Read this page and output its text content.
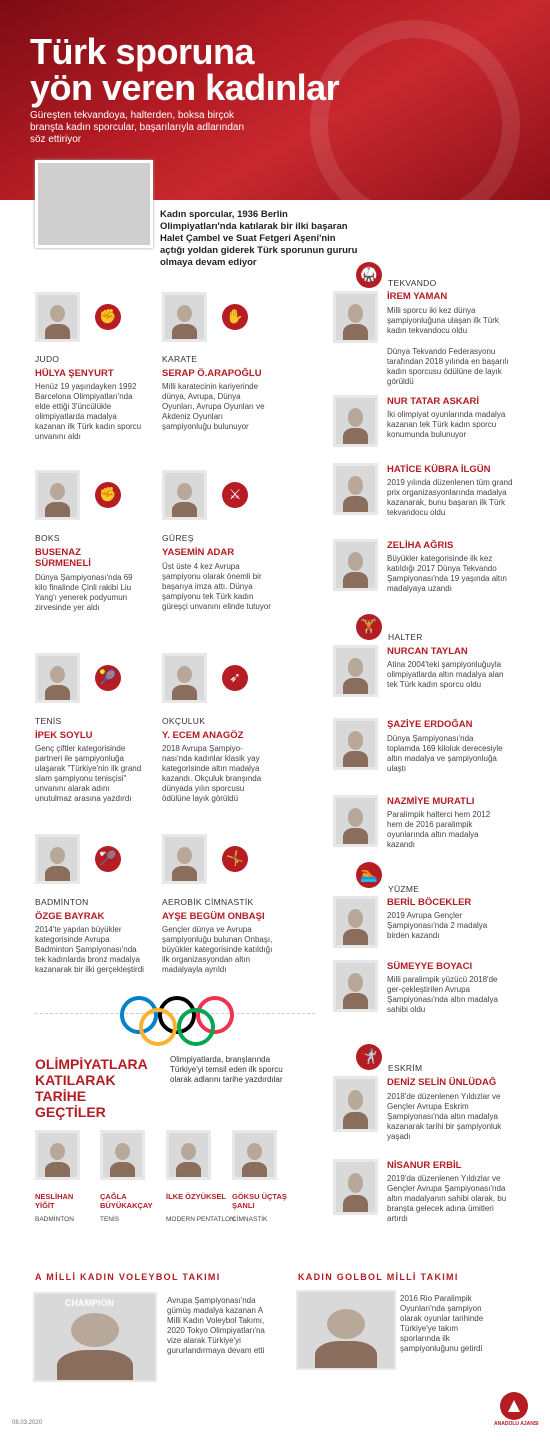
Türk sporuna
yön veren kadınlar
Güreşten tekvandoya, halterden, boksa birçok branşta kadın sporcular, başarılarıyla adlarından söz ettiriyor
Kadın sporcular, 1936 Berlin Olimpiyatları'nda katılarak bir ilki başaran Halet Çambel ve Suat Fetgeri Aşeni'nin açtığı yoldan giderek Türk sporunun gururu olmaya devam ediyor
✊
JUDO
HÜLYA ŞENYURT
Henüz 19 yaşındayken 1992 Barcelona Olimpiyatları'nda elde ettiği 3'üncülükle olimpiyatlarda madalya kazanan ilk Türk kadın sporcu unvanını aldı
✋
KARATE
SERAP Ö.ARAPOĞLU
Milli karatecinin kariyerinde dünya, Avrupa, Dünya Oyunları, Avrupa Oyunları ve Akdeniz Oyunları şampiyonluğu bulunuyor
✊
BOKS
BUSENAZ SÜRMENELİ
Dünya Şampiyonası'nda 69 kilo finalinde Çinli rakibi Liu Yang'ı yenerek podyumun zirvesinde yer aldı
⚔
GÜREŞ
YASEMİN ADAR
Üst üste 4 kez Avrupa şampiyonu olarak önemli bir başarıya imza attı. Dünya şampiyonu tek Türk kadın güreşçi unvanını elinde tutuyor
🎾
TENİS
İPEK SOYLU
Genç çiftler kategorisinde partneri ile şampiyonluğa ulaşarak "Türkiye'nin ilk grand slam şampiyonu tenisçisi" unvanını alarak adını unutulmaz arasına yazdırdı
➶
OKÇULUK
Y. ECEM ANAGÖZ
2018 Avrupa Şampiyo-nası'nda kadınlar klasik yay kategorisinde altın madalya kazandı. Okçuluk branşında dünyada yılın sporcusu ödülüne layık görüldü
🏸
BADMİNTON
ÖZGE BAYRAK
2014'te yapılan büyükler kategorisinde Avrupa Badminton Şampiyonası'nda tek kadınlarda bronz madalya kazanarak bir ilki gerçekleştirdi
🤸
AEROBİK CİMNASTİK
AYŞE BEGÜM ONBAŞI
Gençler dünya ve Avrupa şampiyonluğu bulunan Onbaşı, büyükler kategorisinde katıldığı ilk organizasyondan altın madalyayla ayrıldı
🥋	TEKVANDO
İREM YAMAN
Milli sporcu iki kez dünya şampiyonluğuna ulaşan ilk Türk kadın tekvandocu oldu
Dünya Tekvando Federasyonu tarafından 2018 yılında en başarılı kadın sporcusu ödülüne de layık görüldü
NUR TATAR ASKARİ
İki olimpiyat oyunlarında madalya kazanan tek Türk kadın sporcu konumunda bulunuyor
HATİCE KÜBRA İLGÜN
2019 yılında düzenlenen tüm grand prix organizasyonlarında madalya kazanarak, bunu başaran ilk Türk tekvandocu oldu
ZELİHA AĞRIS
Büyükler kategorisinde ilk kez katıldığı 2017 Dünya Tekvando Şampiyonası'nda 19 yaşında altın madalyaya uzandı
🏋
HALTER
NURCAN TAYLAN
Atina 2004'teki şampiyonluğuyla olimpiyatlarda altın madalya alan tek Türk kadın sporcu oldu
ŞAZİYE ERDOĞAN
Dünya Şampiyonası'nda toplamda 169 kiloluk derecesiyle altın madalya ve şampiyonluğa ulaştı
NAZMİYE MURATLI
Paralimpik halterci hem 2012 hem de 2016 paralimpik oyunlarında altın madalya kazandı
🏊
YÜZME
BERİL BÖCEKLER
2019 Avrupa Gençler Şampiyonası'nda 2 madalya birden kazandı
SÜMEYYE BOYACI
Milli paralimpik yüzücü 2018'de ger-çekleştirilen Avrupa Şampiyonası'nda altın madalya sahibi oldu
🤺
ESKRİM
DENİZ SELİN ÜNLÜDAĞ
2018'de düzenlenen Yıldızlar ve Gençler Avrupa Eskrim Şampiyonası'nda altın madalya kazanarak tarihi bir şampiyonluk yaşadı
NİSANUR ERBİL
2019'da düzenlenen Yıldızlar ve Gençler Avrupa Şampiyonası'nda altın madalyanın sahibi olarak, bu branşta gelecek adına ümitleri artırdı
OLİMPİYATLARA KATILARAK TARİHE GEÇTİLER
Olimpiyatlarda, branşlarında Türkiye'yi temsil eden ilk sporcu olarak adlarını tarihe yazdırdılar
NESLİHAN YİĞİT
BADMİNTON
ÇAĞLA BÜYÜKAKÇAY
TENİS
İLKE ÖZYÜKSEL
MODERN PENTATLON
GÖKSU ÜÇTAŞ ŞANLI
CİMNASTİK
A MİLLİ KADIN VOLEYBOL TAKIMI
CHAMPION	Avrupa Şampiyonası'nda gümüş madalya kazanan A Milli Kadın Voleybol Takımı, 2020 Tokyo Olimpiyatları'na vize alarak Türkiye'yi gururlandırmaya devam etti
KADIN GOLBOL MİLLİ TAKIMI
2016 Rio Paralimpik Oyunları'nda şampiyon olarak oyunlar tarihinde Türkiye'ye takım sporlarında ilk şampiyonluğunu getirdi
08.03.2020	ANADOLU AJANSI
